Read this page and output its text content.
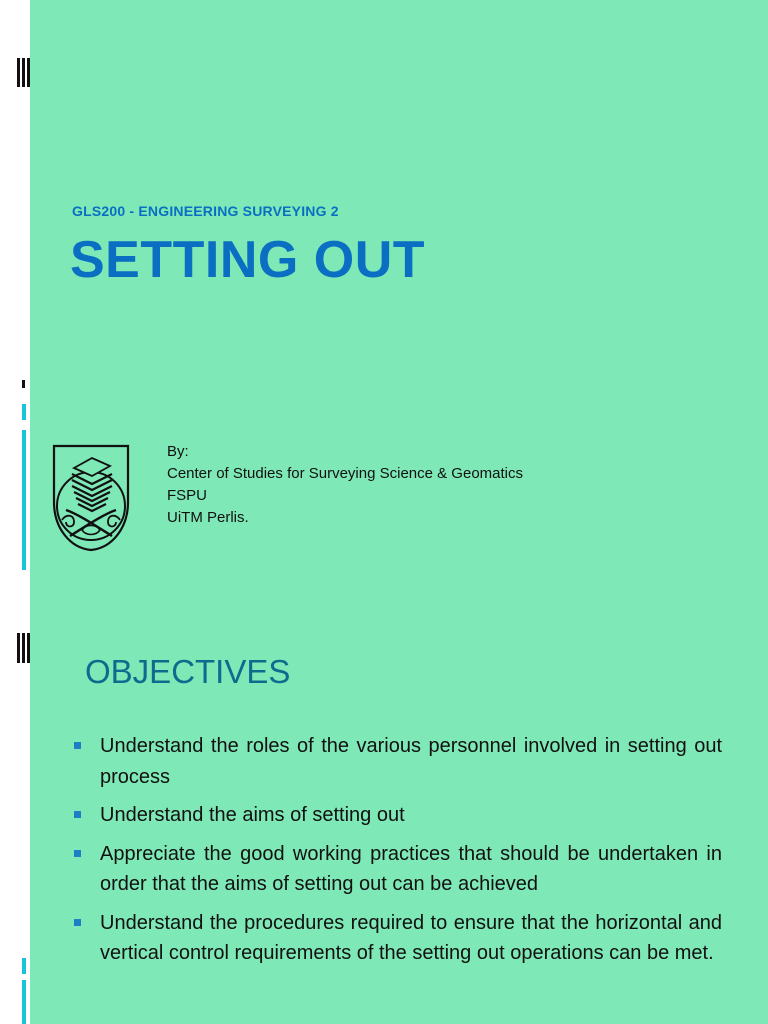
GLS200 - ENGINEERING SURVEYING 2
SETTING OUT
By:
Center of Studies for Surveying Science & Geomatics
FSPU
UiTM Perlis.
OBJECTIVES
Understand the roles of the various personnel involved in setting out process
Understand the aims of setting out
Appreciate the good working practices that should be undertaken in order that the aims of setting out can be achieved
Understand the procedures required to ensure that the horizontal and vertical control requirements of the setting out operations can be met.
